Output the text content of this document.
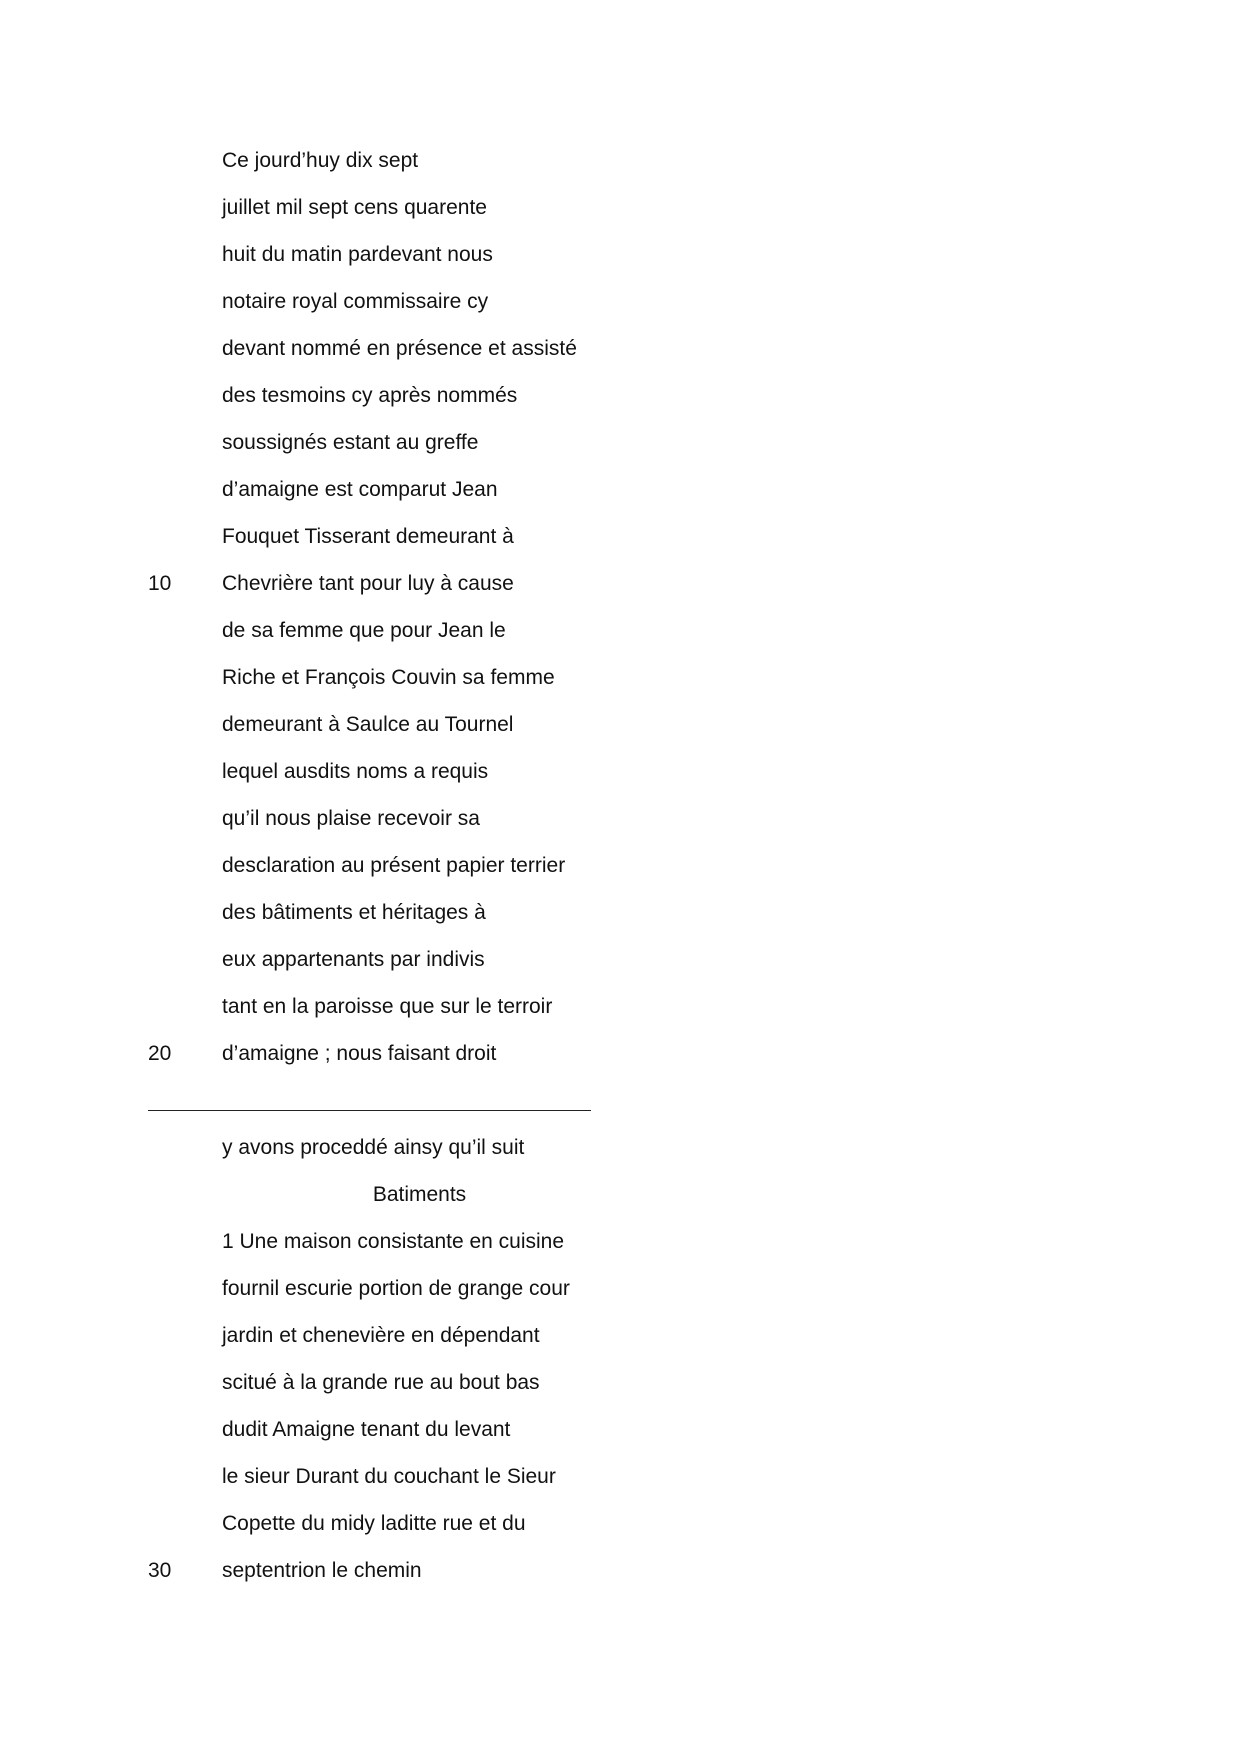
Ce jourd’huy dix sept
juillet mil sept cens quarente
huit du matin pardevant nous
notaire royal commissaire cy
devant nommé en présence et assisté
des tesmoins cy après nommés
soussignés estant au greffe
d’amaigne est comparut Jean
Fouquet Tisserant demeurant à
10	Chevrière tant pour luy à cause
de sa femme que pour Jean le
Riche et François Couvin sa femme
demeurant à Saulce au Tournel
lequel ausdits noms a requis
qu’il nous plaise recevoir sa
desclaration au présent papier terrier
des bâtiments et héritages à
eux appartenants par indivis
tant en la paroisse que sur le terroir
20	d’amaigne ; nous faisant droit
y avons proceddé ainsy qu’il suit
Batiments
1 Une maison consistante en cuisine
fournil escurie portion de grange cour
jardin et chenevière en dépendant
scitué à la grande rue au bout bas
dudit Amaigne tenant du levant
le sieur Durant du couchant le Sieur
Copette du midy laditte rue et du
30	septentrion le chemin
